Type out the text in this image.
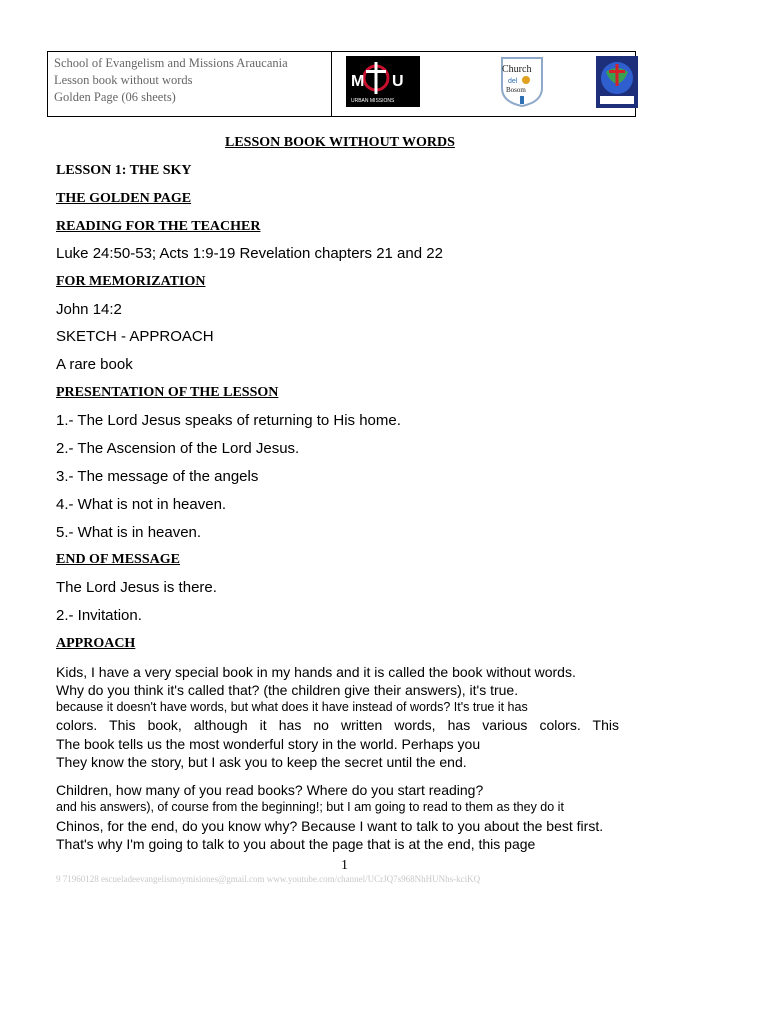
School of Evangelism and Missions Araucania
Lesson book without words
Golden Page (06 sheets)
M U
URBAN MISSIONS
Church
del
Bosom
LESSON BOOK WITHOUT WORDS
LESSON 1: THE SKY
THE GOLDEN PAGE
READING FOR THE TEACHER
Luke 24:50-53; Acts 1:9-19 Revelation chapters 21 and 22
FOR MEMORIZATION
John 14:2
SKETCH - APPROACH
A rare book
PRESENTATION OF THE LESSON
1.- The Lord Jesus speaks of returning to His home.
2.- The Ascension of the Lord Jesus.
3.- The message of the angels
4.- What is not in heaven.
5.- What is in heaven.
END OF MESSAGE
The Lord Jesus is there.
2.- Invitation.
APPROACH
Kids, I have a very special book in my hands and it is called the book without words.
Why do you think it's called that? (the children give their answers), it's true.
because it doesn't have words, but what does it have instead of words? It's true it has
colors. This book, although it has no written words, has various colors. This
The book tells us the most wonderful story in the world. Perhaps you
They know the story, but I ask you to keep the secret until the end.
Children, how many of you read books? Where do you start reading?
and his answers), of course from the beginning!; but I am going to read to them as they do it
Chinos, for the end, do you know why? Because I want to talk to you about the best first.
That's why I'm going to talk to you about the page that is at the end, this page
1
9 71960128 escueladeevangelismoymisiones@gmail.com www.youtube.com/channel/UCrJQ7s968NhHUNhs-kciKQ
